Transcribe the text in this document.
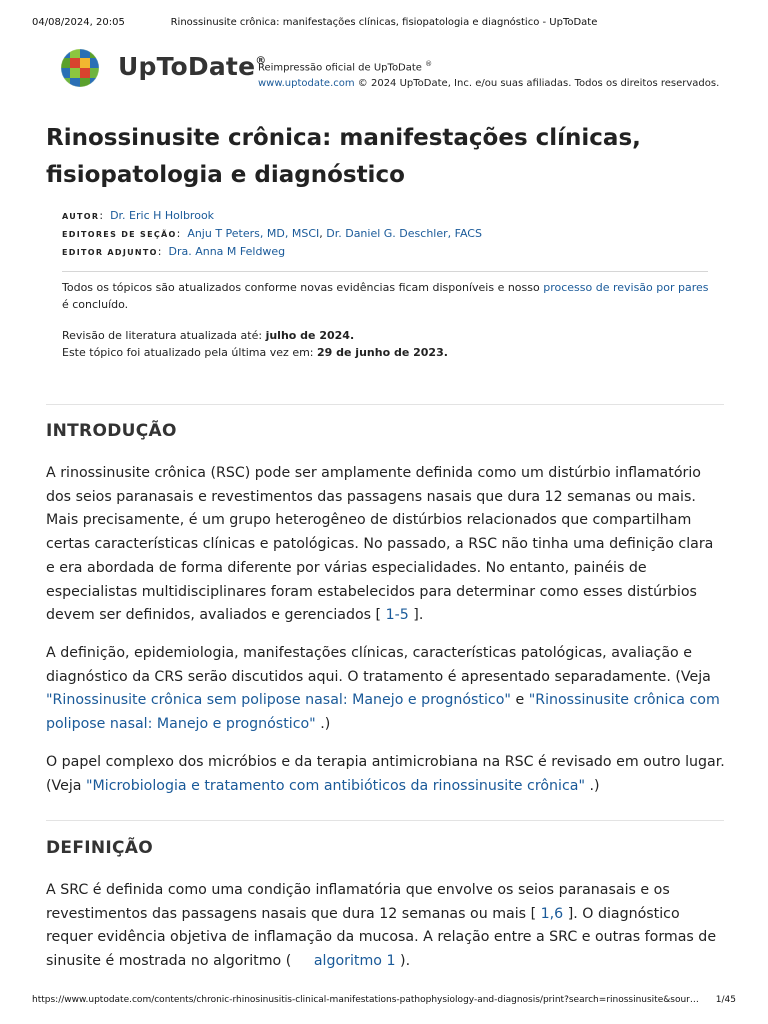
04/08/2024, 20:05	Rinossinusite crônica: manifestações clínicas, fisiopatologia e diagnóstico - UpToDate
UpToDate®
Reimpressão oficial de UpToDate ®
www.uptodate.com © 2024 UpToDate, Inc. e/ou suas afiliadas. Todos os direitos reservados.
Rinossinusite crônica: manifestações clínicas, fisiopatologia e diagnóstico
AUTOR: Dr. Eric H Holbrook
EDITORES DE SEÇÃO: Anju T Peters, MD, MSCI, Dr. Daniel G. Deschler, FACS
EDITOR ADJUNTO: Dra. Anna M Feldweg
Todos os tópicos são atualizados conforme novas evidências ficam disponíveis e nosso processo de revisão por pares
é concluído.
Revisão de literatura atualizada até: julho de 2024.
Este tópico foi atualizado pela última vez em: 29 de junho de 2023.
INTRODUÇÃO

A rinossinusite crônica (RSC) pode ser amplamente definida como um distúrbio inflamatório dos seios paranasais e revestimentos das passagens nasais que dura 12 semanas ou mais. Mais precisamente, é um grupo heterogêneo de distúrbios relacionados que compartilham certas características clínicas e patológicas. No passado, a RSC não tinha uma definição clara e era abordada de forma diferente por várias especialidades. No entanto, painéis de especialistas multidisciplinares foram estabelecidos para determinar como esses distúrbios devem ser definidos, avaliados e gerenciados [ 1-5 ].

A definição, epidemiologia, manifestações clínicas, características patológicas, avaliação e diagnóstico da CRS serão discutidos aqui. O tratamento é apresentado separadamente. (Veja "Rinossinusite crônica sem polipose nasal: Manejo e prognóstico" e "Rinossinusite crônica com polipose nasal: Manejo e prognóstico" .)

O papel complexo dos micróbios e da terapia antimicrobiana na RSC é revisado em outro lugar. (Veja "Microbiologia e tratamento com antibióticos da rinossinusite crônica" .)

DEFINIÇÃO

A SRC é definida como uma condição inflamatória que envolve os seios paranasais e os revestimentos das passagens nasais que dura 12 semanas ou mais [ 1,6 ]. O diagnóstico requer evidência objetiva de inflamação da mucosa. A relação entre a SRC e outras formas de sinusite é mostrada no algoritmo (     algoritmo 1 ).

https://www.uptodate.com/contents/chronic-rhinosinusitis-clinical-manifestations-pathophysiology-and-diagnosis/print?search=rinossinusite&sour… 1/45
